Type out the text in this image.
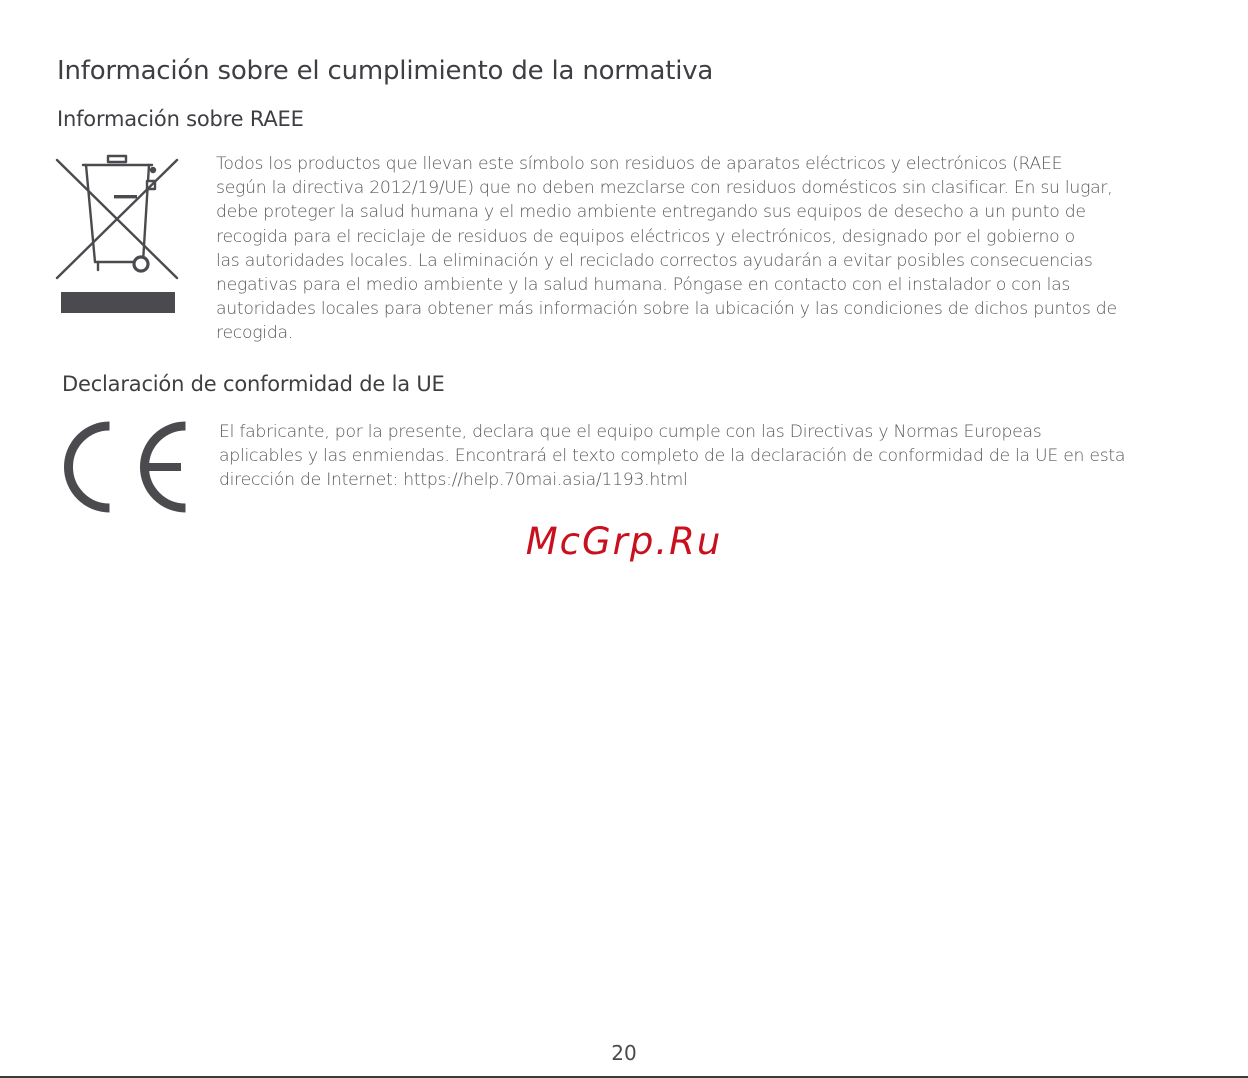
Información sobre el cumplimiento de la normativa
Información sobre RAEE
Todos los productos que llevan este símbolo son residuos de aparatos eléctricos y electrónicos (RAEE
según la directiva 2012/19/UE) que no deben mezclarse con residuos domésticos sin clasificar. En su lugar,
debe proteger la salud humana y el medio ambiente entregando sus equipos de desecho a un punto de
recogida para el reciclaje de residuos de equipos eléctricos y electrónicos, designado por el gobierno o
las autoridades locales. La eliminación y el reciclado correctos ayudarán a evitar posibles consecuencias
negativas para el medio ambiente y la salud humana. Póngase en contacto con el instalador o con las
autoridades locales para obtener más información sobre la ubicación y las condiciones de dichos puntos de
recogida.
Declaración de conformidad de la UE
El fabricante, por la presente, declara que el equipo cumple con las Directivas y Normas Europeas
aplicables y las enmiendas. Encontrará el texto completo de la declaración de conformidad de la UE en esta
dirección de Internet: https://help.70mai.asia/1193.html
McGrp.Ru
20
